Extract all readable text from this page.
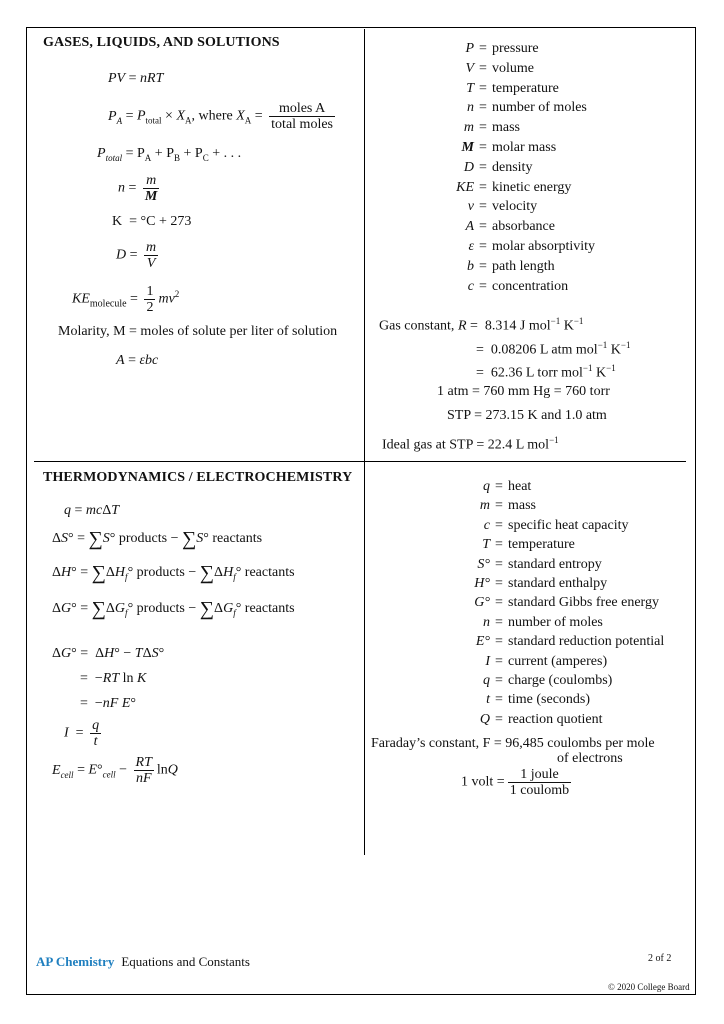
GASES, LIQUIDS, AND SOLUTIONS
PV = nRT
$P_A = P_{total} \times X_A$, where $X_A = \frac{\text{moles A}}{\text{total moles}}$
$P_{total} = P_A + P_B + P_C$ + . . .
$n = \frac{m}{M}$
K  = °C + 273
$D = \frac{m}{V}$
$KE_{molecule} = \frac{1}{2} mv^2$
Molarity, M = moles of solute per liter of solution
A = εbc
P = pressure
V = volume
T = temperature
n = number of moles
m = mass
M = molar mass
D = density
KE = kinetic energy
v = velocity
A = absorbance
ε = molar absorptivity
b = path length
c = concentration
Gas constant, R =  8.314 J mol$^{-1}$ $K^{-1}$
=  0.08206 L atm mol$^{-1}$ $K^{-1}$
=  62.36 L torr mol$^{-1}$ $K^{-1}$
1 atm = 760 mm Hg = 760 torr
STP = 273.15 K and 1.0 atm
Ideal gas at STP = 22.4 L mol$^{-1}$
THERMODYNAMICS / ELECTROCHEMISTRY
q = mcΔT
ΔS° = ∑S° products − ∑S° reactants
$\Delta H^\circ = \sum\Delta H_f^\circ$ products − $\sum\Delta H_f^\circ$ reactants
$\Delta G^\circ = \sum\Delta G_f^\circ$ products − $\sum\Delta G_f^\circ$ reactants
ΔG° =  ΔH° − TΔS°
=  −RT ln K
=  −nF E°
$I = \frac{q}{t}$
$E_{cell} = E^\circ_{cell} - \frac{RT}{nF}$ lnQ
q = heat
m = mass
c = specific heat capacity
T = temperature
S° = standard entropy
H° = standard enthalpy
G° = standard Gibbs free energy
n = number of moles
E° = standard reduction potential
I = current (amperes)
q = charge (coulombs)
t = time (seconds)
Q = reaction quotient
Faraday’s constant, F = 96,485 coulombs per mole
of electrons
1 volt = $\frac{\text{1 joule}}{\text{1 coulomb}}$
AP Chemistry Equations and Constants	2 of 2
© 2020 College Board
